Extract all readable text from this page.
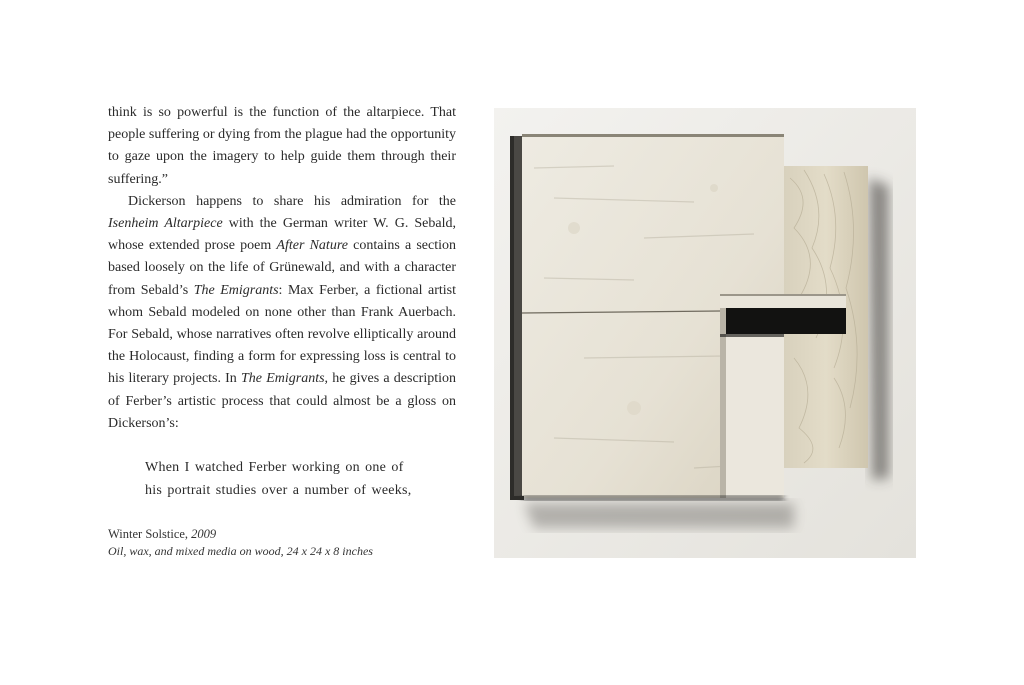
think is so powerful is the function of the altarpiece. That people suffering or dying from the plague had the opportunity to gaze upon the imagery to help guide them through their suffering.”

Dickerson happens to share his admiration for the Isenheim Altarpiece with the German writer W. G. Sebald, whose extended prose poem After Nature contains a section based loosely on the life of Grünewald, and with a character from Sebald’s The Emigrants: Max Ferber, a fictional artist whom Sebald modeled on none other than Frank Auerbach. For Sebald, whose narratives often revolve elliptically around the Holocaust, finding a form for expressing loss is central to his literary projects. In The Emigrants, he gives a description of Ferber’s artistic process that could almost be a gloss on Dickerson’s:

When I watched Ferber working on one of
his portrait studies over a number of weeks,
Winter Solstice, 2009
Oil, wax, and mixed media on wood, 24 x 24 x 8 inches
